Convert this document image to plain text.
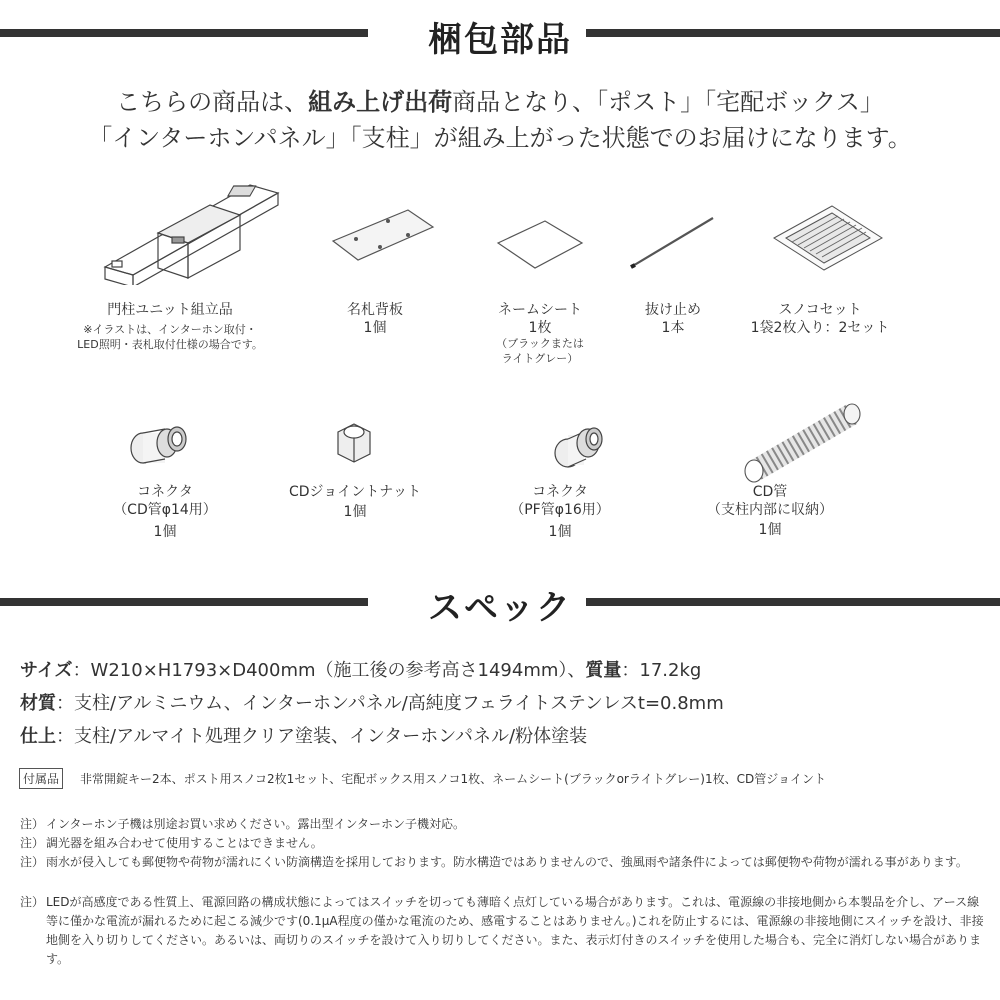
梱包部品
こちらの商品は、組み上げ出荷商品となり、「ポスト」「宅配ボックス」
「インターホンパネル」「支柱」が組み上がった状態でのお届けになります。
門柱ユニット組立品
※イラストは、インターホン取付・
LED照明・表札取付仕様の場合です。
名札背板
1個
ネームシート
1枚
（ブラックまたは
ライトグレー）
抜け止め
1本
スノコセット
1袋2枚入り：2セット
コネクタ
（CD管φ14用）
1個
CDジョイントナット
1個
コネクタ
（PF管φ16用）
1個
CD管
（支柱内部に収納）
1個
スペック
サイズ：W210×H1793×D400mm（施工後の参考高さ1494mm）、質量：17.2kg
材質：支柱/アルミニウム、インターホンパネル/高純度フェライトステンレスt=0.8mm
仕上：支柱/アルマイト処理クリア塗装、インターホンパネル/粉体塗装
付属品	非常開錠キー2本、ポスト用スノコ2枚1セット、宅配ボックス用スノコ1枚、ネームシート(ブラックorライトグレー)1枚、CD管ジョイント
注） インターホン子機は別途お買い求めください。露出型インターホン子機対応。
注） 調光器を組み合わせて使用することはできません。
注） 雨水が侵入しても郵便物や荷物が濡れにくい防滴構造を採用しております。防水構造ではありませんので、強風雨や諸条件によっては郵便物や荷物が濡れる事があります。
注） LEDが高感度である性質上、電源回路の構成状態によってはスイッチを切っても薄暗く点灯している場合があります。これは、電源線の非接地側から本製品を介し、アース線等に僅かな電流が漏れるために起こる減少です(0.1μA程度の僅かな電流のため、感電することはありません。)これを防止するには、電源線の非接地側にスイッチを設け、非接地側を入り切りしてください。あるいは、両切りのスイッチを設けて入り切りしてください。また、表示灯付きのスイッチを使用した場合も、完全に消灯しない場合があります。
